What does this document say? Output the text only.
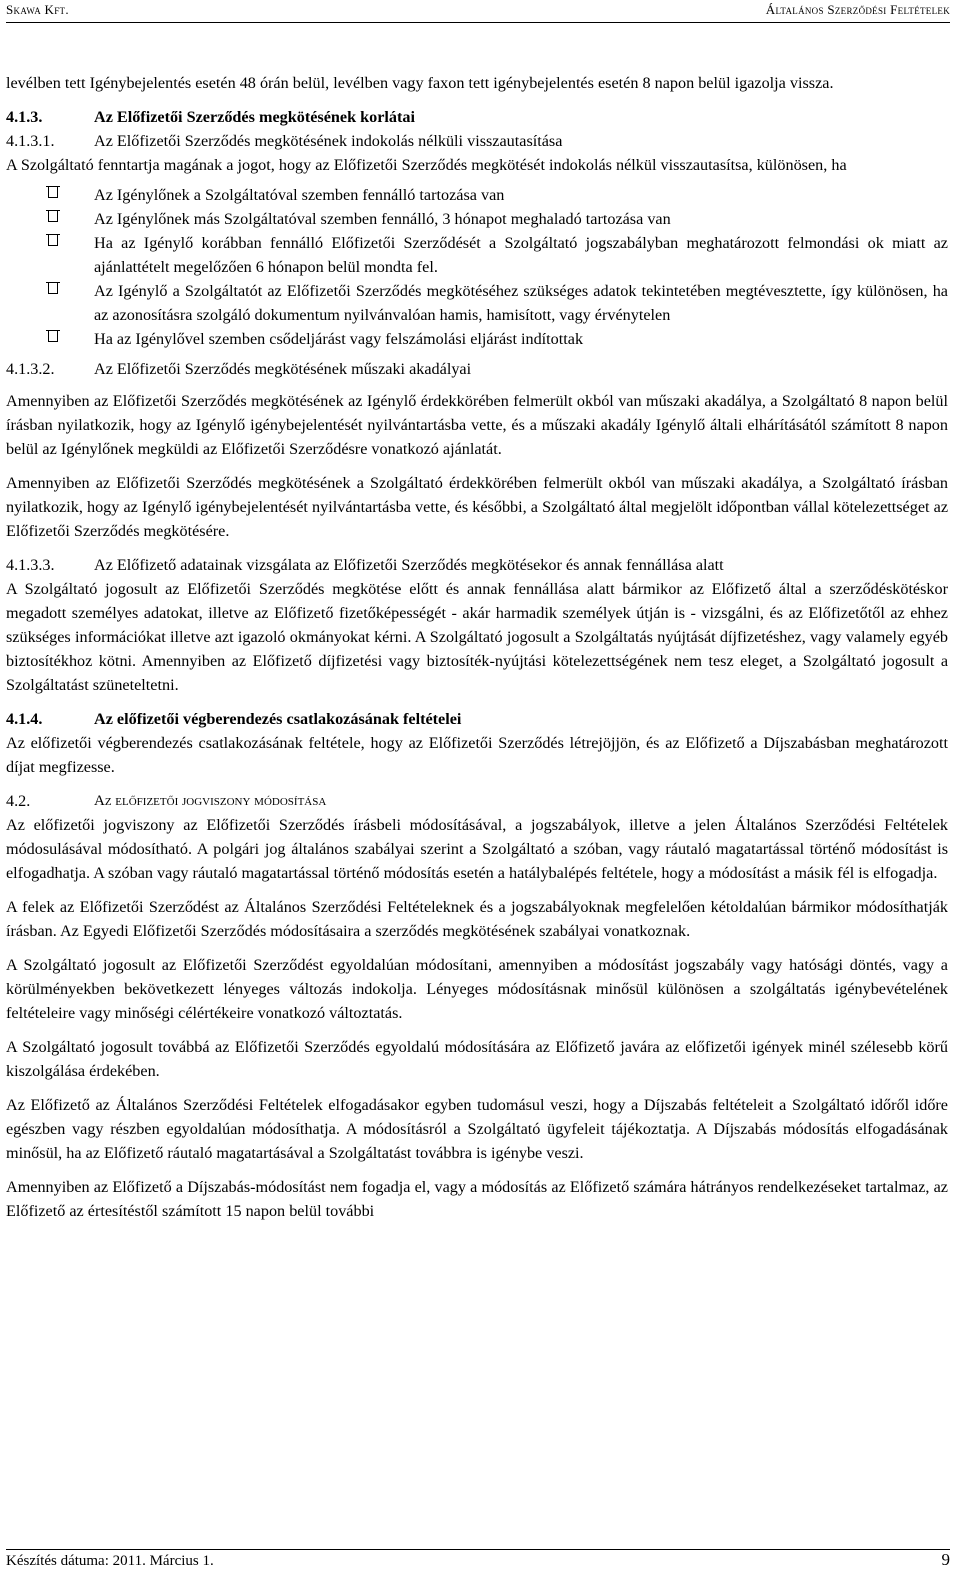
Skawa Kft.	Általános Szerződési Feltételek

levélben tett Igénybejelentés esetén 48 órán belül, levélben vagy faxon tett igénybejelentés esetén 8 napon belül igazolja vissza.

4.1.3.	Az Előfizetői Szerződés megkötésének korlátai
4.1.3.1.	Az Előfizetői Szerződés megkötésének indokolás nélküli visszautasítása

A Szolgáltató fenntartja magának a jogot, hogy az Előfizetői Szerződés megkötését indokolás nélkül visszautasítsa, különösen, ha

Az Igénylőnek a Szolgáltatóval szemben fennálló tartozása van
Az Igénylőnek más Szolgáltatóval szemben fennálló, 3 hónapot meghaladó tartozása van
Ha az Igénylő korábban fennálló Előfizetői Szerződését a Szolgáltató jogszabályban meghatározott felmondási ok miatt az ajánlattételt megelőzően 6 hónapon belül mondta fel.
Az Igénylő a Szolgáltatót az Előfizetői Szerződés megkötéséhez szükséges adatok tekintetében megtévesztette, így különösen, ha az azonosításra szolgáló dokumentum nyilvánvalóan hamis, hamisított, vagy érvénytelen
Ha az Igénylővel szemben csődeljárást vagy felszámolási eljárást indítottak
4.1.3.2.	Az Előfizetői Szerződés megkötésének műszaki akadályai

Amennyiben az Előfizetői Szerződés megkötésének az Igénylő érdekkörében felmerült okból van műszaki akadálya, a Szolgáltató 8 napon belül írásban nyilatkozik, hogy az Igénylő igénybejelentését nyilvántartásba vette, és a műszaki akadály Igénylő általi elhárításától számított 8 napon belül az Igénylőnek megküldi az Előfizetői Szerződésre vonatkozó ajánlatát.

Amennyiben az Előfizetői Szerződés megkötésének a Szolgáltató érdekkörében felmerült okból van műszaki akadálya, a Szolgáltató írásban nyilatkozik, hogy az Igénylő igénybejelentését nyilvántartásba vette, és későbbi, a Szolgáltató által megjelölt időpontban vállal kötelezettséget az Előfizetői Szerződés megkötésére.

4.1.3.3.	Az Előfizető adatainak vizsgálata az Előfizetői Szerződés megkötésekor és annak fennállása alatt

A Szolgáltató jogosult az Előfizetői Szerződés megkötése előtt és annak fennállása alatt bármikor az Előfizető által a szerződéskötéskor megadott személyes adatokat, illetve az Előfizető fizetőképességét - akár harmadik személyek útján is - vizsgálni, és az Előfizetőtől az ehhez szükséges információkat illetve azt igazoló okmányokat kérni. A Szolgáltató jogosult a Szolgáltatás nyújtását díjfizetéshez, vagy valamely egyéb biztosítékhoz kötni. Amennyiben az Előfizető díjfizetési vagy biztosíték-nyújtási kötelezettségének nem tesz eleget, a Szolgáltató jogosult a Szolgáltatást szüneteltetni.

4.1.4.	Az előfizetői végberendezés csatlakozásának feltételei

Az előfizetői végberendezés csatlakozásának feltétele, hogy az Előfizetői Szerződés létrejöjjön, és az Előfizető a Díjszabásban meghatározott díjat megfizesse.

4.2.	Az előfizetői jogviszony módosítása

Az előfizetői jogviszony az Előfizetői Szerződés írásbeli módosításával, a jogszabályok, illetve a jelen Általános Szerződési Feltételek módosulásával módosítható. A polgári jog általános szabályai szerint a Szolgáltató a szóban, vagy ráutaló magatartással történő módosítást is elfogadhatja. A szóban vagy ráutaló magatartással történő módosítás esetén a hatálybalépés feltétele, hogy a módosítást a másik fél is elfogadja.

A felek az Előfizetői Szerződést az Általános Szerződési Feltételeknek és a jogszabályoknak megfelelően kétoldalúan bármikor módosíthatják írásban. Az Egyedi Előfizetői Szerződés módosításaira a szerződés megkötésének szabályai vonatkoznak.

A Szolgáltató jogosult az Előfizetői Szerződést egyoldalúan módosítani, amennyiben a módosítást jogszabály vagy hatósági döntés, vagy a körülményekben bekövetkezett lényeges változás indokolja. Lényeges módosításnak minősül különösen a szolgáltatás igénybevételének feltételeire vagy minőségi célértékeire vonatkozó változtatás.

A Szolgáltató jogosult továbbá az Előfizetői Szerződés egyoldalú módosítására az Előfizető javára az előfizetői igények minél szélesebb körű kiszolgálása érdekében.

Az Előfizető az Általános Szerződési Feltételek elfogadásakor egyben tudomásul veszi, hogy a Díjszabás feltételeit a Szolgáltató időről időre egészben vagy részben egyoldalúan módosíthatja. A módosításról a Szolgáltató ügyfeleit tájékoztatja. A Díjszabás módosítás elfogadásának minősül, ha az Előfizető ráutaló magatartásával a Szolgáltatást továbbra is igénybe veszi.

Amennyiben az Előfizető a Díjszabás-módosítást nem fogadja el, vagy a módosítás az Előfizető számára hátrányos rendelkezéseket tartalmaz, az Előfizető az értesítéstől számított 15 napon belül további

Készítés dátuma: 2011. Március 1.	9
